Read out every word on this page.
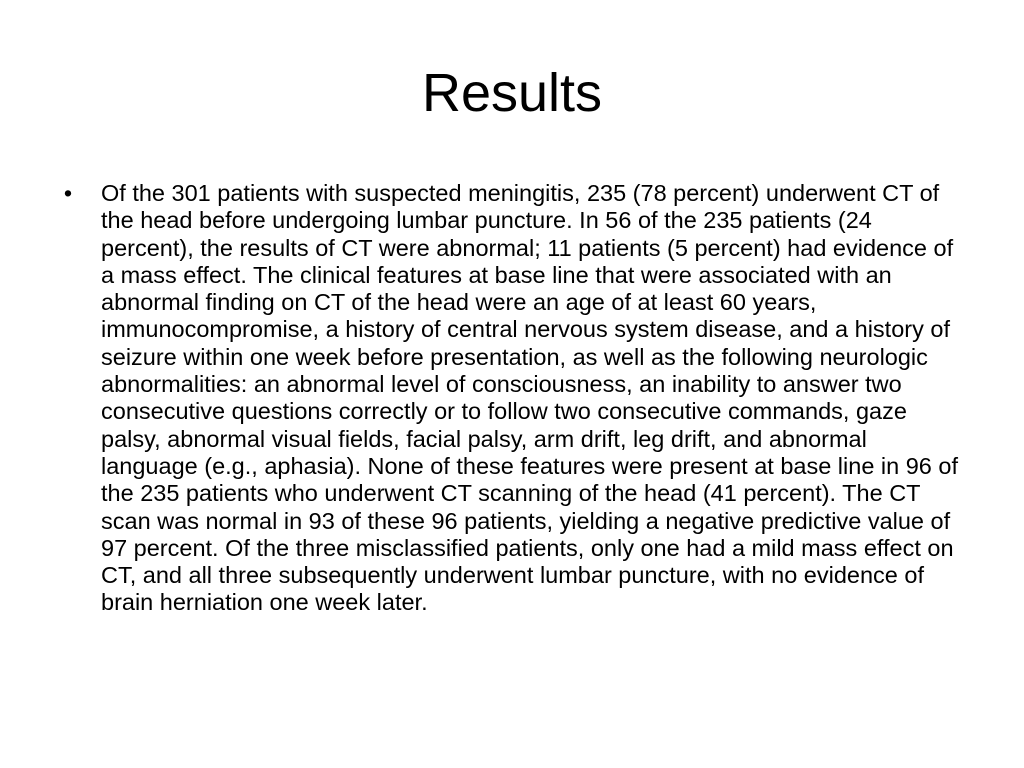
Results
• Of the 301 patients with suspected meningitis, 235 (78 percent) underwent CT of the head before undergoing lumbar puncture. In 56 of the 235 patients (24 percent), the results of CT were abnormal; 11 patients (5 percent) had evidence of a mass effect. The clinical features at base line that were associated with an abnormal finding on CT of the head were an age of at least 60 years, immunocompromise, a history of central nervous system disease, and a history of seizure within one week before presentation, as well as the following neurologic abnormalities: an abnormal level of consciousness, an inability to answer two consecutive questions correctly or to follow two consecutive commands, gaze palsy, abnormal visual fields, facial palsy, arm drift, leg drift, and abnormal language (e.g., aphasia). None of these features were present at base line in 96 of the 235 patients who underwent CT scanning of the head (41 percent). The CT scan was normal in 93 of these 96 patients, yielding a negative predictive value of 97 percent. Of the three misclassified patients, only one had a mild mass effect on CT, and all three subsequently underwent lumbar puncture, with no evidence of brain herniation one week later.
